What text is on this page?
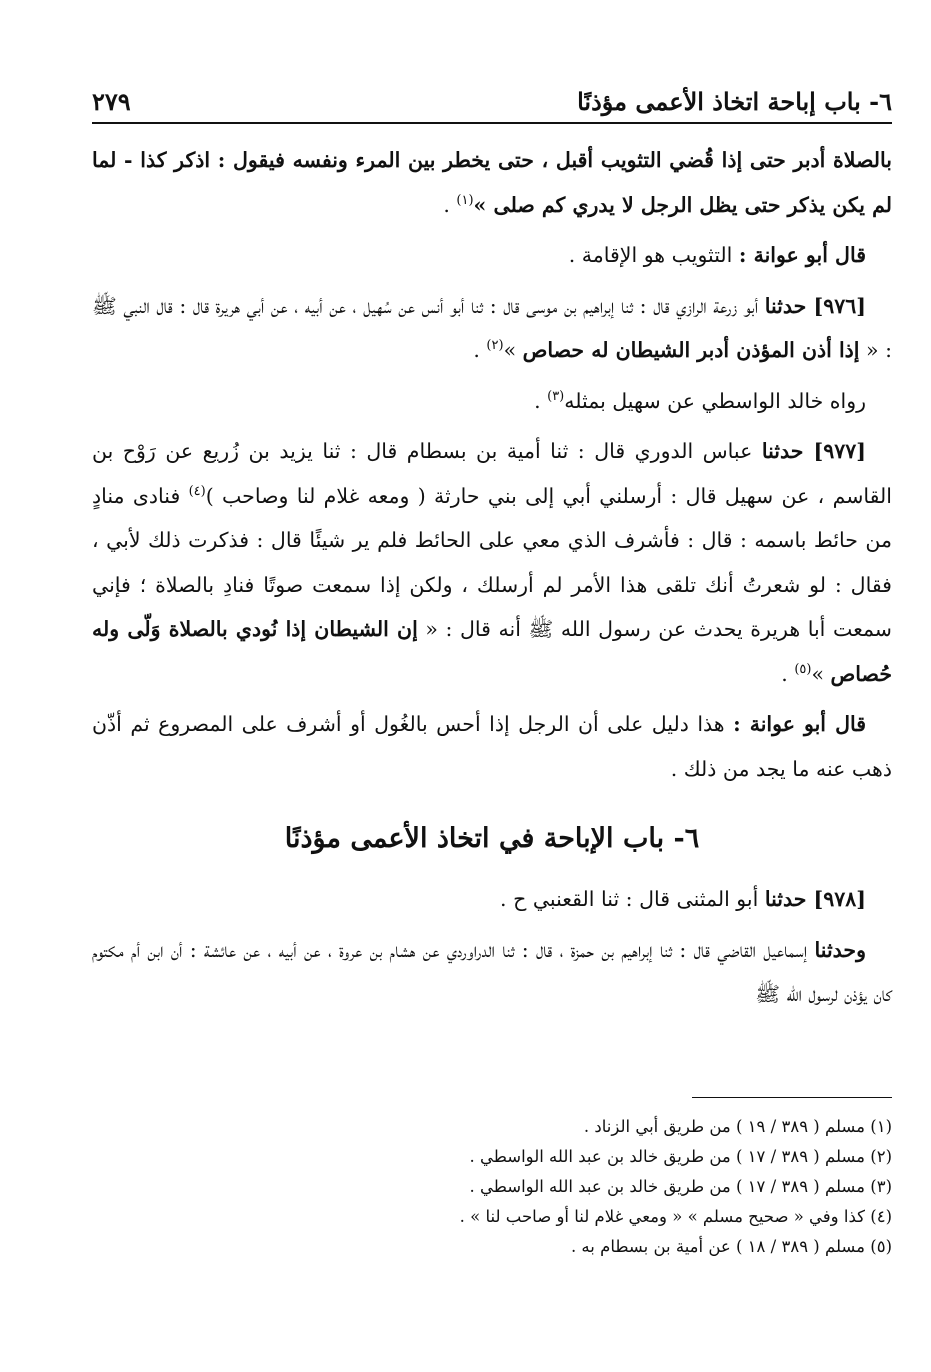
٦- باب إباحة اتخاذ الأعمى مؤذنًا
٢٧٩

بالصلاة أدبر حتى إذا قُضي التثويب أقبل ، حتى يخطر بين المرء ونفسه فيقول : اذكر كذا - لما لم يكن يذكر حتى يظل الرجل لا يدري كم صلى »$^{(١)}$ .

قال أبو عوانة : التثويب هو الإقامة .

[٩٧٦] حدثنا أبو زرعة الرازي قال : ثنا إبراهيم بن موسى قال : ثنا أبو أنس عن سُهيل ، عن أبيه ، عن أبي هريرة قال : قال النبي ﷺ : « إذا أذن المؤذن أدبر الشيطان له حصاص »$^{(٢)}$ .

رواه خالد الواسطي عن سهيل بمثله$^{(٣)}$ .

[٩٧٧] حدثنا عباس الدوري قال : ثنا أمية بن بسطام قال : ثنا يزيد بن زُريع عن رَوْح بن القاسم ، عن سهيل قال : أرسلني أبي إلى بني حارثة ( ومعه غلام لنا وصاحب )$^{(٤)}$ فنادى منادٍ من حائط باسمه : قال : فأشرف الذي معي على الحائط فلم ير شيئًا قال : فذكرت ذلك لأبي ، فقال : لو شعرتُ أنك تلقى هذا الأمر لم أرسلك ، ولكن إذا سمعت صوتًا فنادِ بالصلاة ؛ فإني سمعت أبا هريرة يحدث عن رسول الله ﷺ أنه قال : « إن الشيطان إذا نُودي بالصلاة وَلّى وله حُصاص »$^{(٥)}$ .

قال أبو عوانة : هذا دليل على أن الرجل إذا أحس بالغُول أو أشرف على المصروع ثم أذّن ذهب عنه ما يجد من ذلك .

٦- باب الإباحة في اتخاذ الأعمى مؤذنًا

[٩٧٨] حدثنا أبو المثنى قال : ثنا القعنبي ح .

وحدثنا إسماعيل القاضي قال : ثنا إبراهيم بن حمزة ، قال : ثنا الدراوردي عن هشام بن عروة ، عن أبيه ، عن عائشة : أن ابن أم مكتوم كان يؤذن لرسول الله ﷺ

(١) مسلم ( ٣٨٩ / ١٩ ) من طريق أبي الزناد .

(٢) مسلم ( ٣٨٩ / ١٧ ) من طريق خالد بن عبد الله الواسطي .

(٣) مسلم ( ٣٨٩ / ١٧ ) من طريق خالد بن عبد الله الواسطي .

(٤) كذا وفي « صحيح مسلم » « ومعي غلام لنا أو صاحب لنا » .

(٥) مسلم ( ٣٨٩ / ١٨ ) عن أمية بن بسطام به .
